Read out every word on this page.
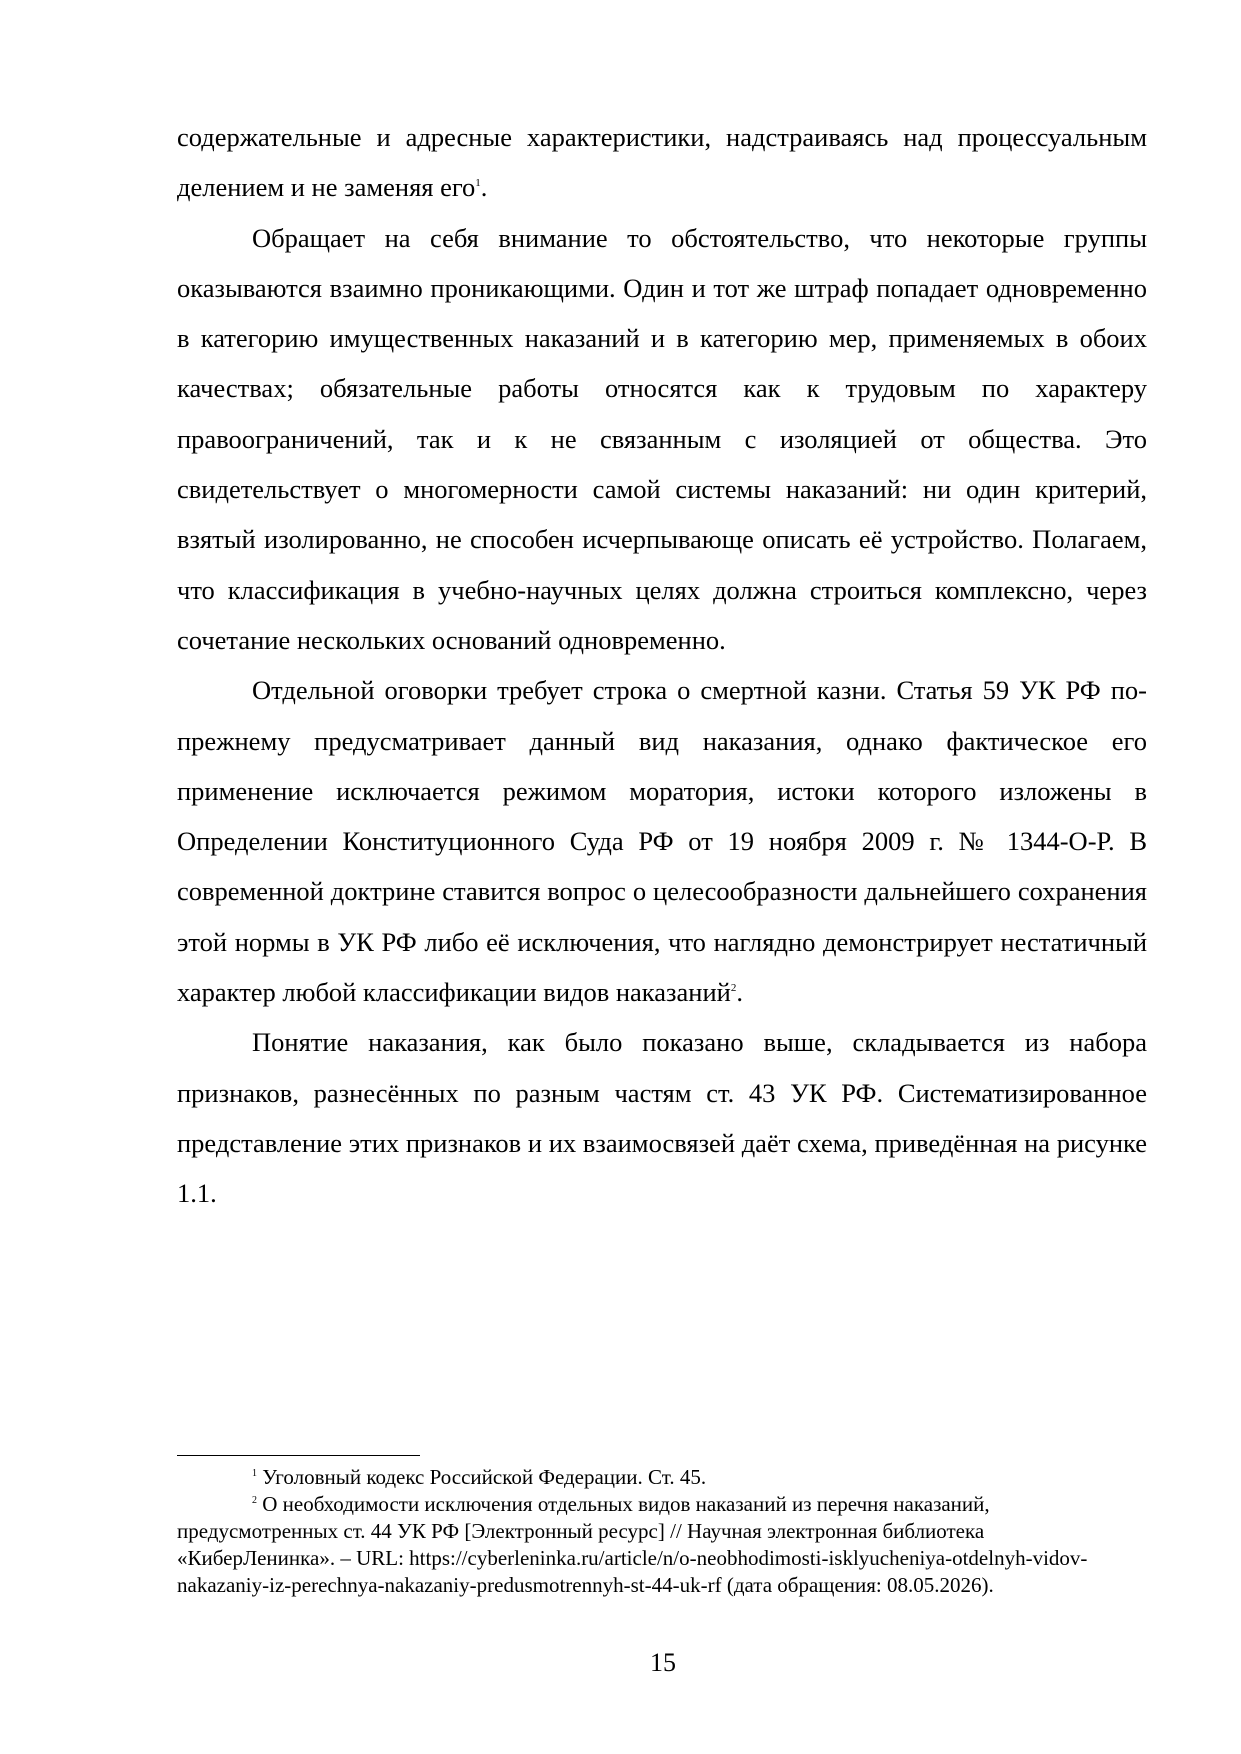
содержательные и адресные характеристики, надстраиваясь над процессуальным делением и не заменяя его$^1$.

Обращает на себя внимание то обстоятельство, что некоторые группы оказываются взаимно проникающими. Один и тот же штраф попадает одновременно в категорию имущественных наказаний и в категорию мер, применяемых в обоих качествах; обязательные работы относятся как к трудовым по характеру правоограничений, так и к не связанным с изоляцией от общества. Это свидетельствует о многомерности самой системы наказаний: ни один критерий, взятый изолированно, не способен исчерпывающе описать её устройство. Полагаем, что классификация в учебно-научных целях должна строиться комплексно, через сочетание нескольких оснований одновременно.

Отдельной оговорки требует строка о смертной казни. Статья 59 УК РФ по-прежнему предусматривает данный вид наказания, однако фактическое его применение исключается режимом моратория, истоки которого изложены в Определении Конституционного Суда РФ от 19 ноября 2009 г. № 1344-О-Р. В современной доктрине ставится вопрос о целесообразности дальнейшего сохранения этой нормы в УК РФ либо её исключения, что наглядно демонстрирует нестатичный характер любой классификации видов наказаний$^2$.

Понятие наказания, как было показано выше, складывается из набора признаков, разнесённых по разным частям ст. 43 УК РФ. Систематизированное представление этих признаков и их взаимосвязей даёт схема, приведённая на рисунке 1.1.

$^1$ Уголовный кодекс Российской Федерации. Ст. 45.

$^2$ О необходимости исключения отдельных видов наказаний из перечня наказаний, предусмотренных ст. 44 УК РФ [Электронный ресурс] // Научная электронная библиотека «КиберЛенинка». – URL: https://cyberleninka.ru/article/n/o-neobhodimosti-isklyucheniya-otdelnyh-vidov-nakazaniy-iz-perechnya-nakazaniy-predusmotrennyh-st-44-uk-rf (дата обращения: 08.05.2026).

15
